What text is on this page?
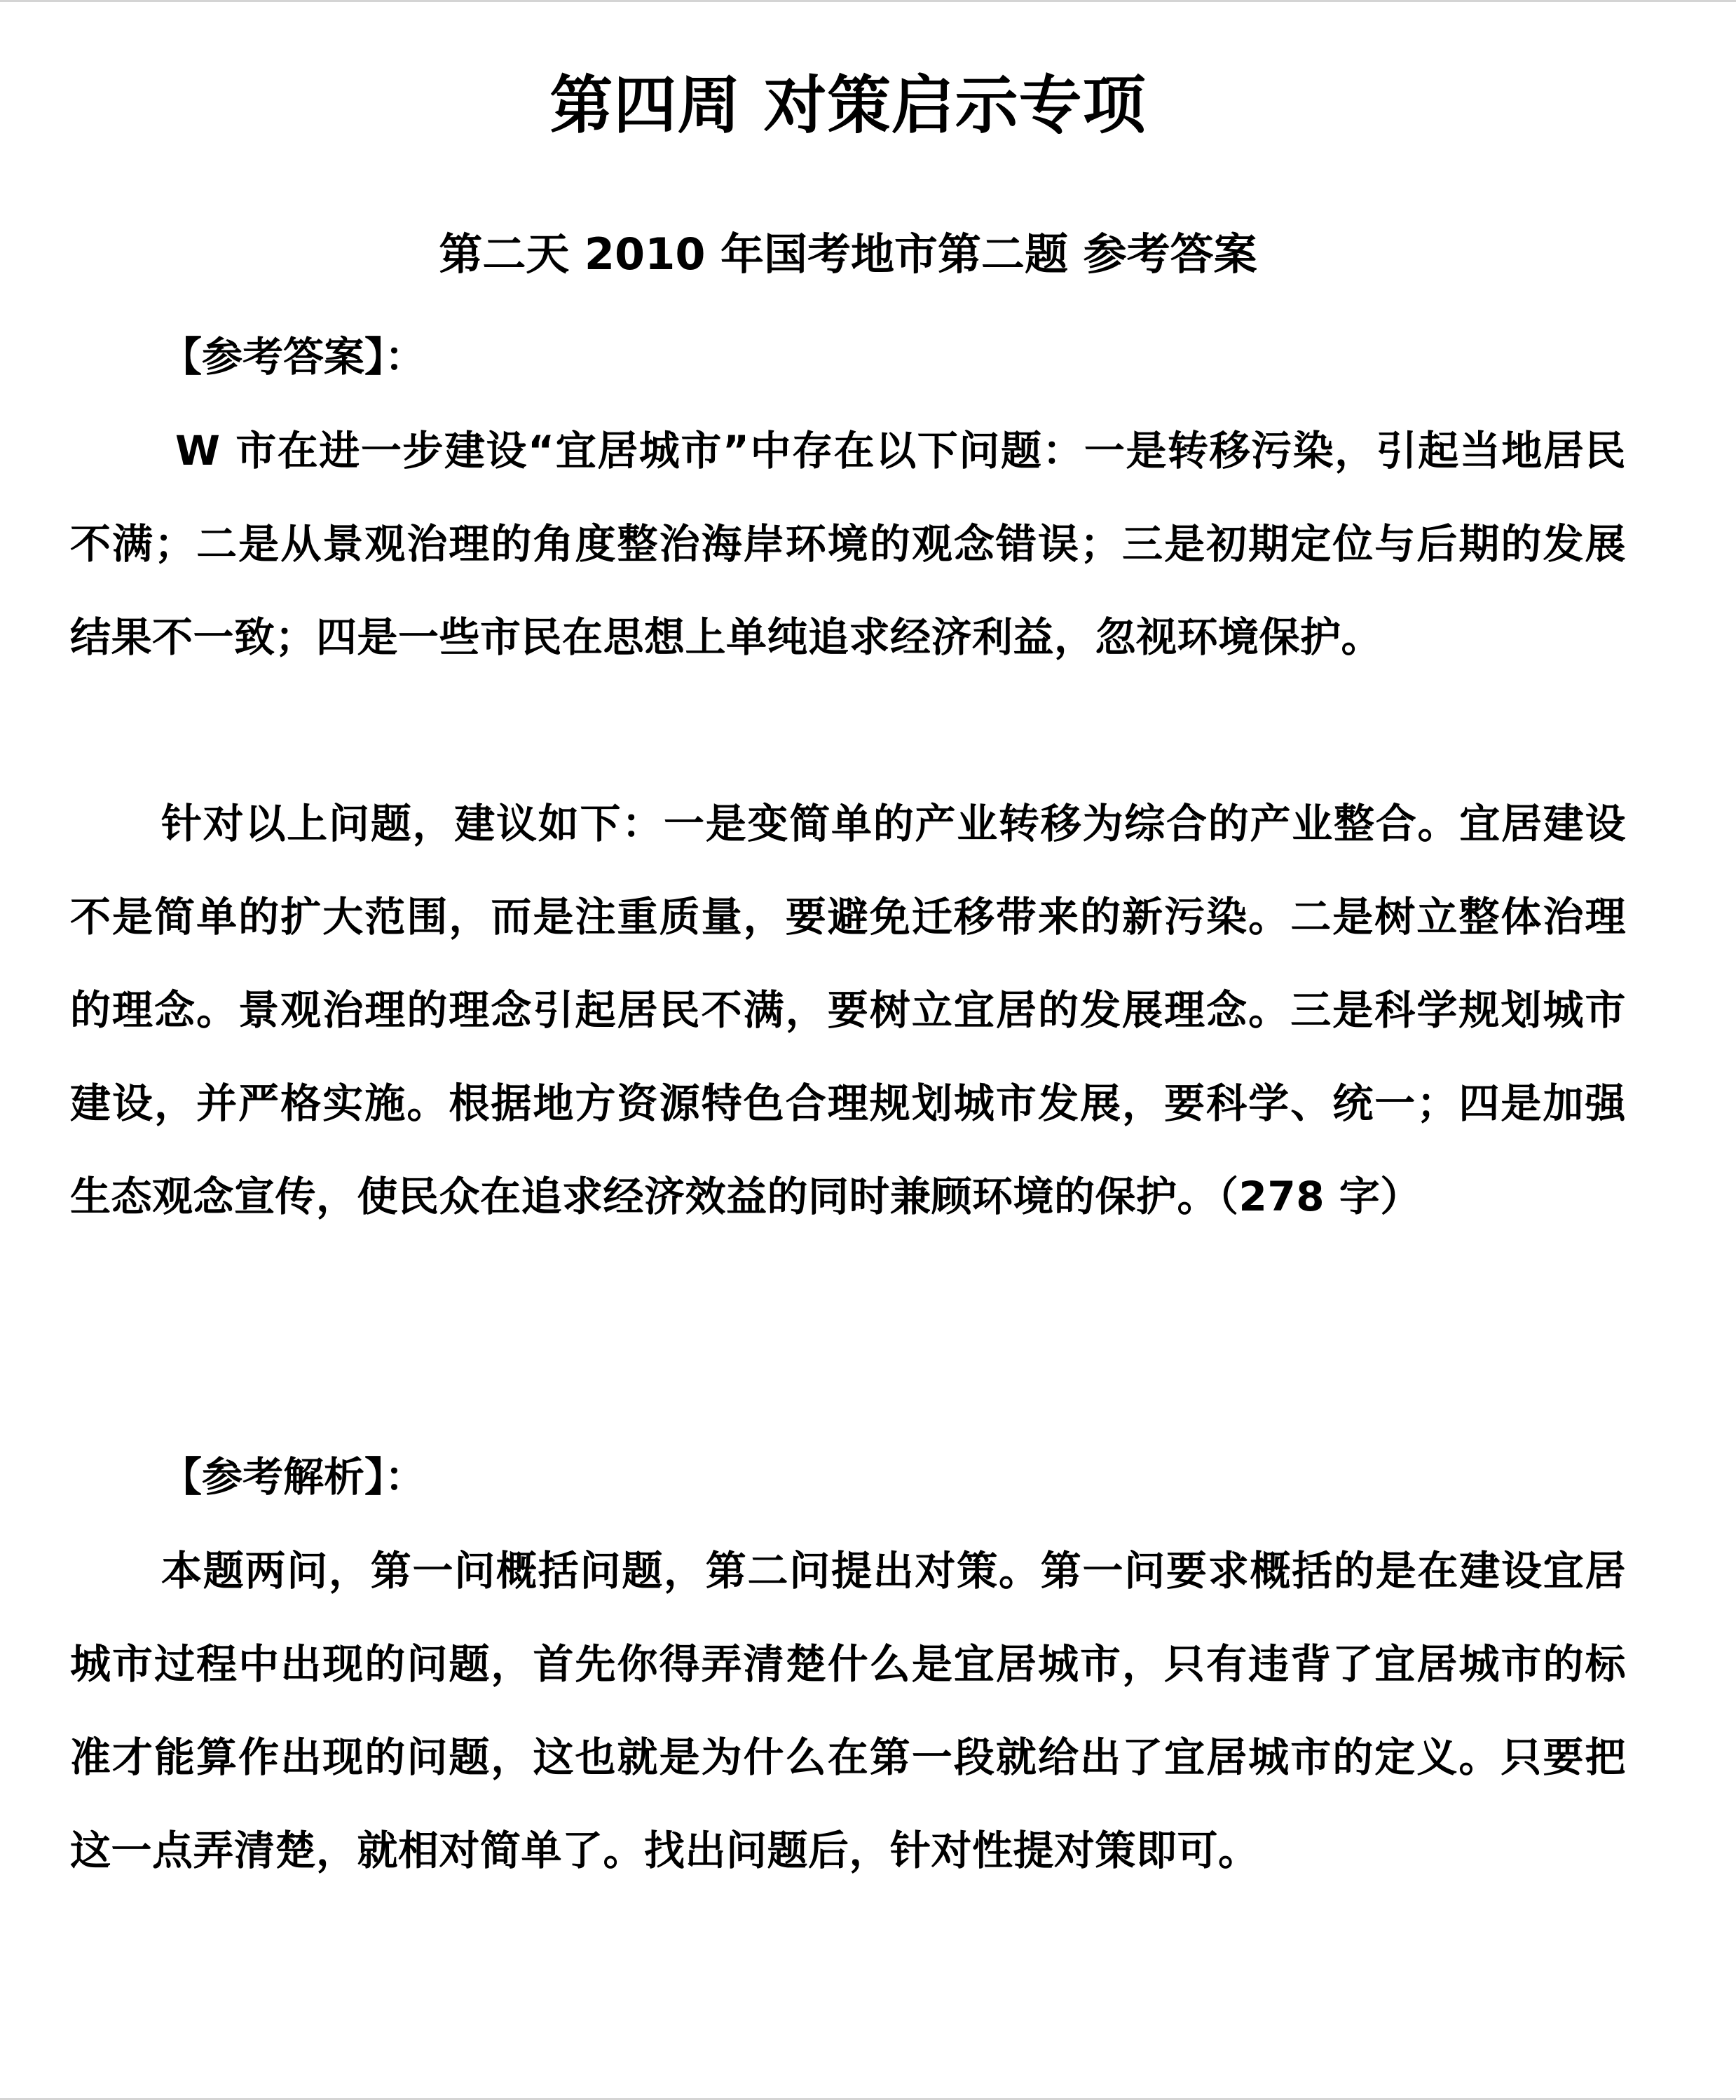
第四周 对策启示专项
第二天 2010 年国考地市第二题 参考答案
【参考答案】：
W 市在进一步建设“宜居城市”中存在以下问题：一是转移污染，引起当地居民不满；二是从景观治理的角度整治海岸环境的观念错误；三是初期定位与后期的发展结果不一致；四是一些市民在思想上单纯追求经济利益，忽视环境保护。
针对以上问题，建议如下：一是变简单的产业转移为综合的产业整合。宜居建设不是简单的扩大范围，而是注重质量，要避免迁移带来的新污染。二是树立整体治理的理念。景观治理的理念引起居民不满，要树立宜居的发展理念。三是科学规划城市建设，并严格实施。根据地方资源特色合理规划城市发展，要科学、统一；四是加强生态观念宣传，使民众在追求经济效益的同时兼顾环境的保护。（278 字）
【参考解析】：
本题两问，第一问概括问题，第二问提出对策。第一问要求概括的是在建设宜居城市过程中出现的问题，首先你得弄清楚什么是宜居城市，只有违背了宜居城市的标准才能算作出现的问题，这也就是为什么在第一段就给出了宜居城市的定义。只要把这一点弄清楚，就相对简单了。找出问题后，针对性提对策即可。
